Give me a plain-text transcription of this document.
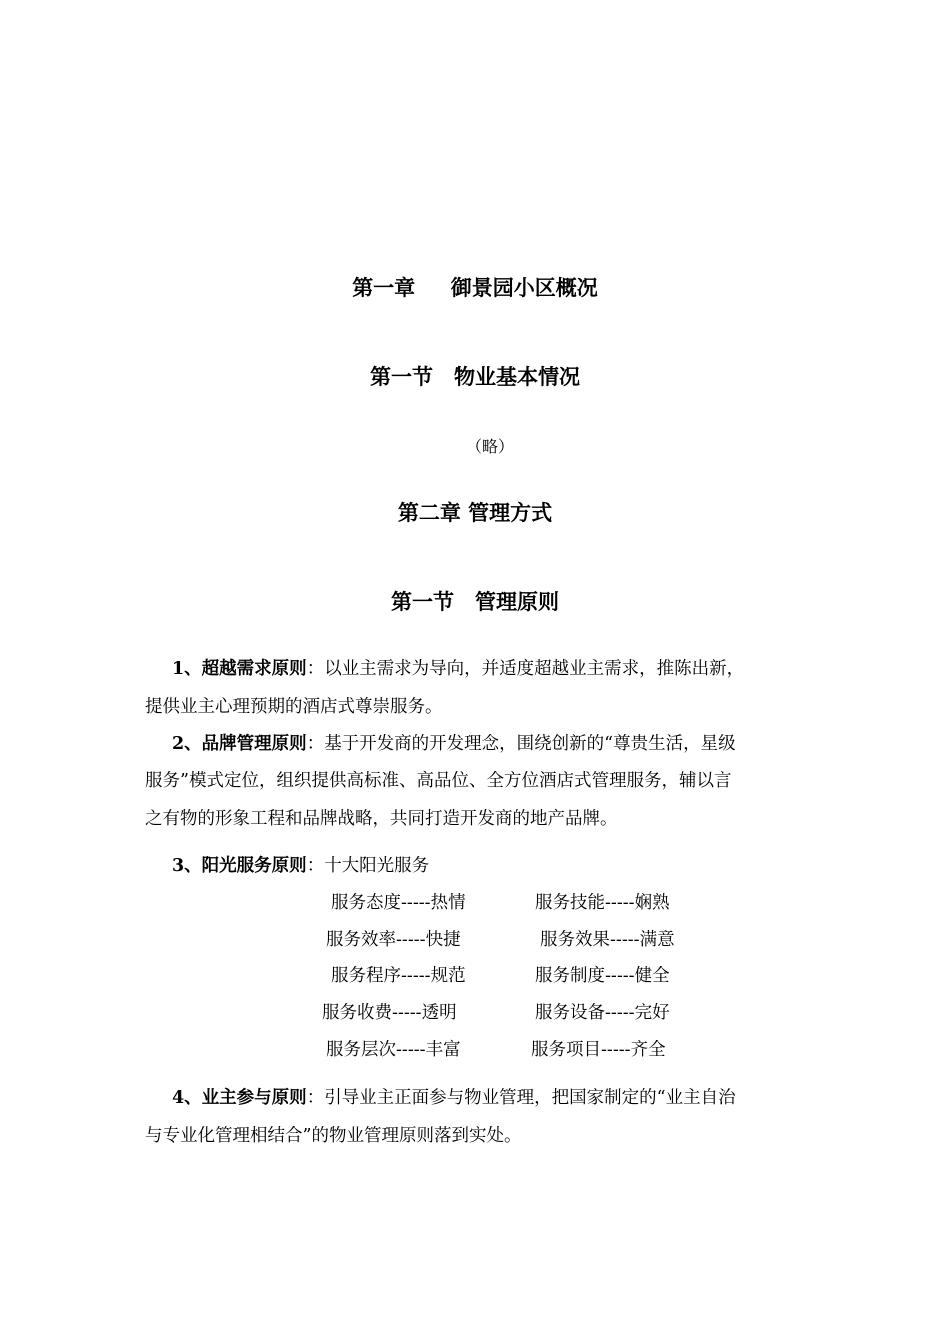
第一章　  御景园小区概况
第一节　物业基本情况
（略）
第二章 管理方式
第一节　管理原则
1、超越需求原则：以业主需求为导向，并适度超越业主需求，推陈出新，
提供业主心理预期的酒店式尊崇服务。
2、品牌管理原则：基于开发商的开发理念，围绕创新的“尊贵生活，星级
服务”模式定位，组织提供高标准、高品位、全方位酒店式管理服务，辅以言
之有物的形象工程和品牌战略，共同打造开发商的地产品牌。
3、阳光服务原则：十大阳光服务
服务态度-----热情	服务技能-----娴熟
服务效率-----快捷	服务效果-----满意
服务程序-----规范	服务制度-----健全
服务收费-----透明	服务设备-----完好
服务层次-----丰富	服务项目-----齐全
4、业主参与原则：引导业主正面参与物业管理，把国家制定的“业主自治
与专业化管理相结合”的物业管理原则落到实处。
